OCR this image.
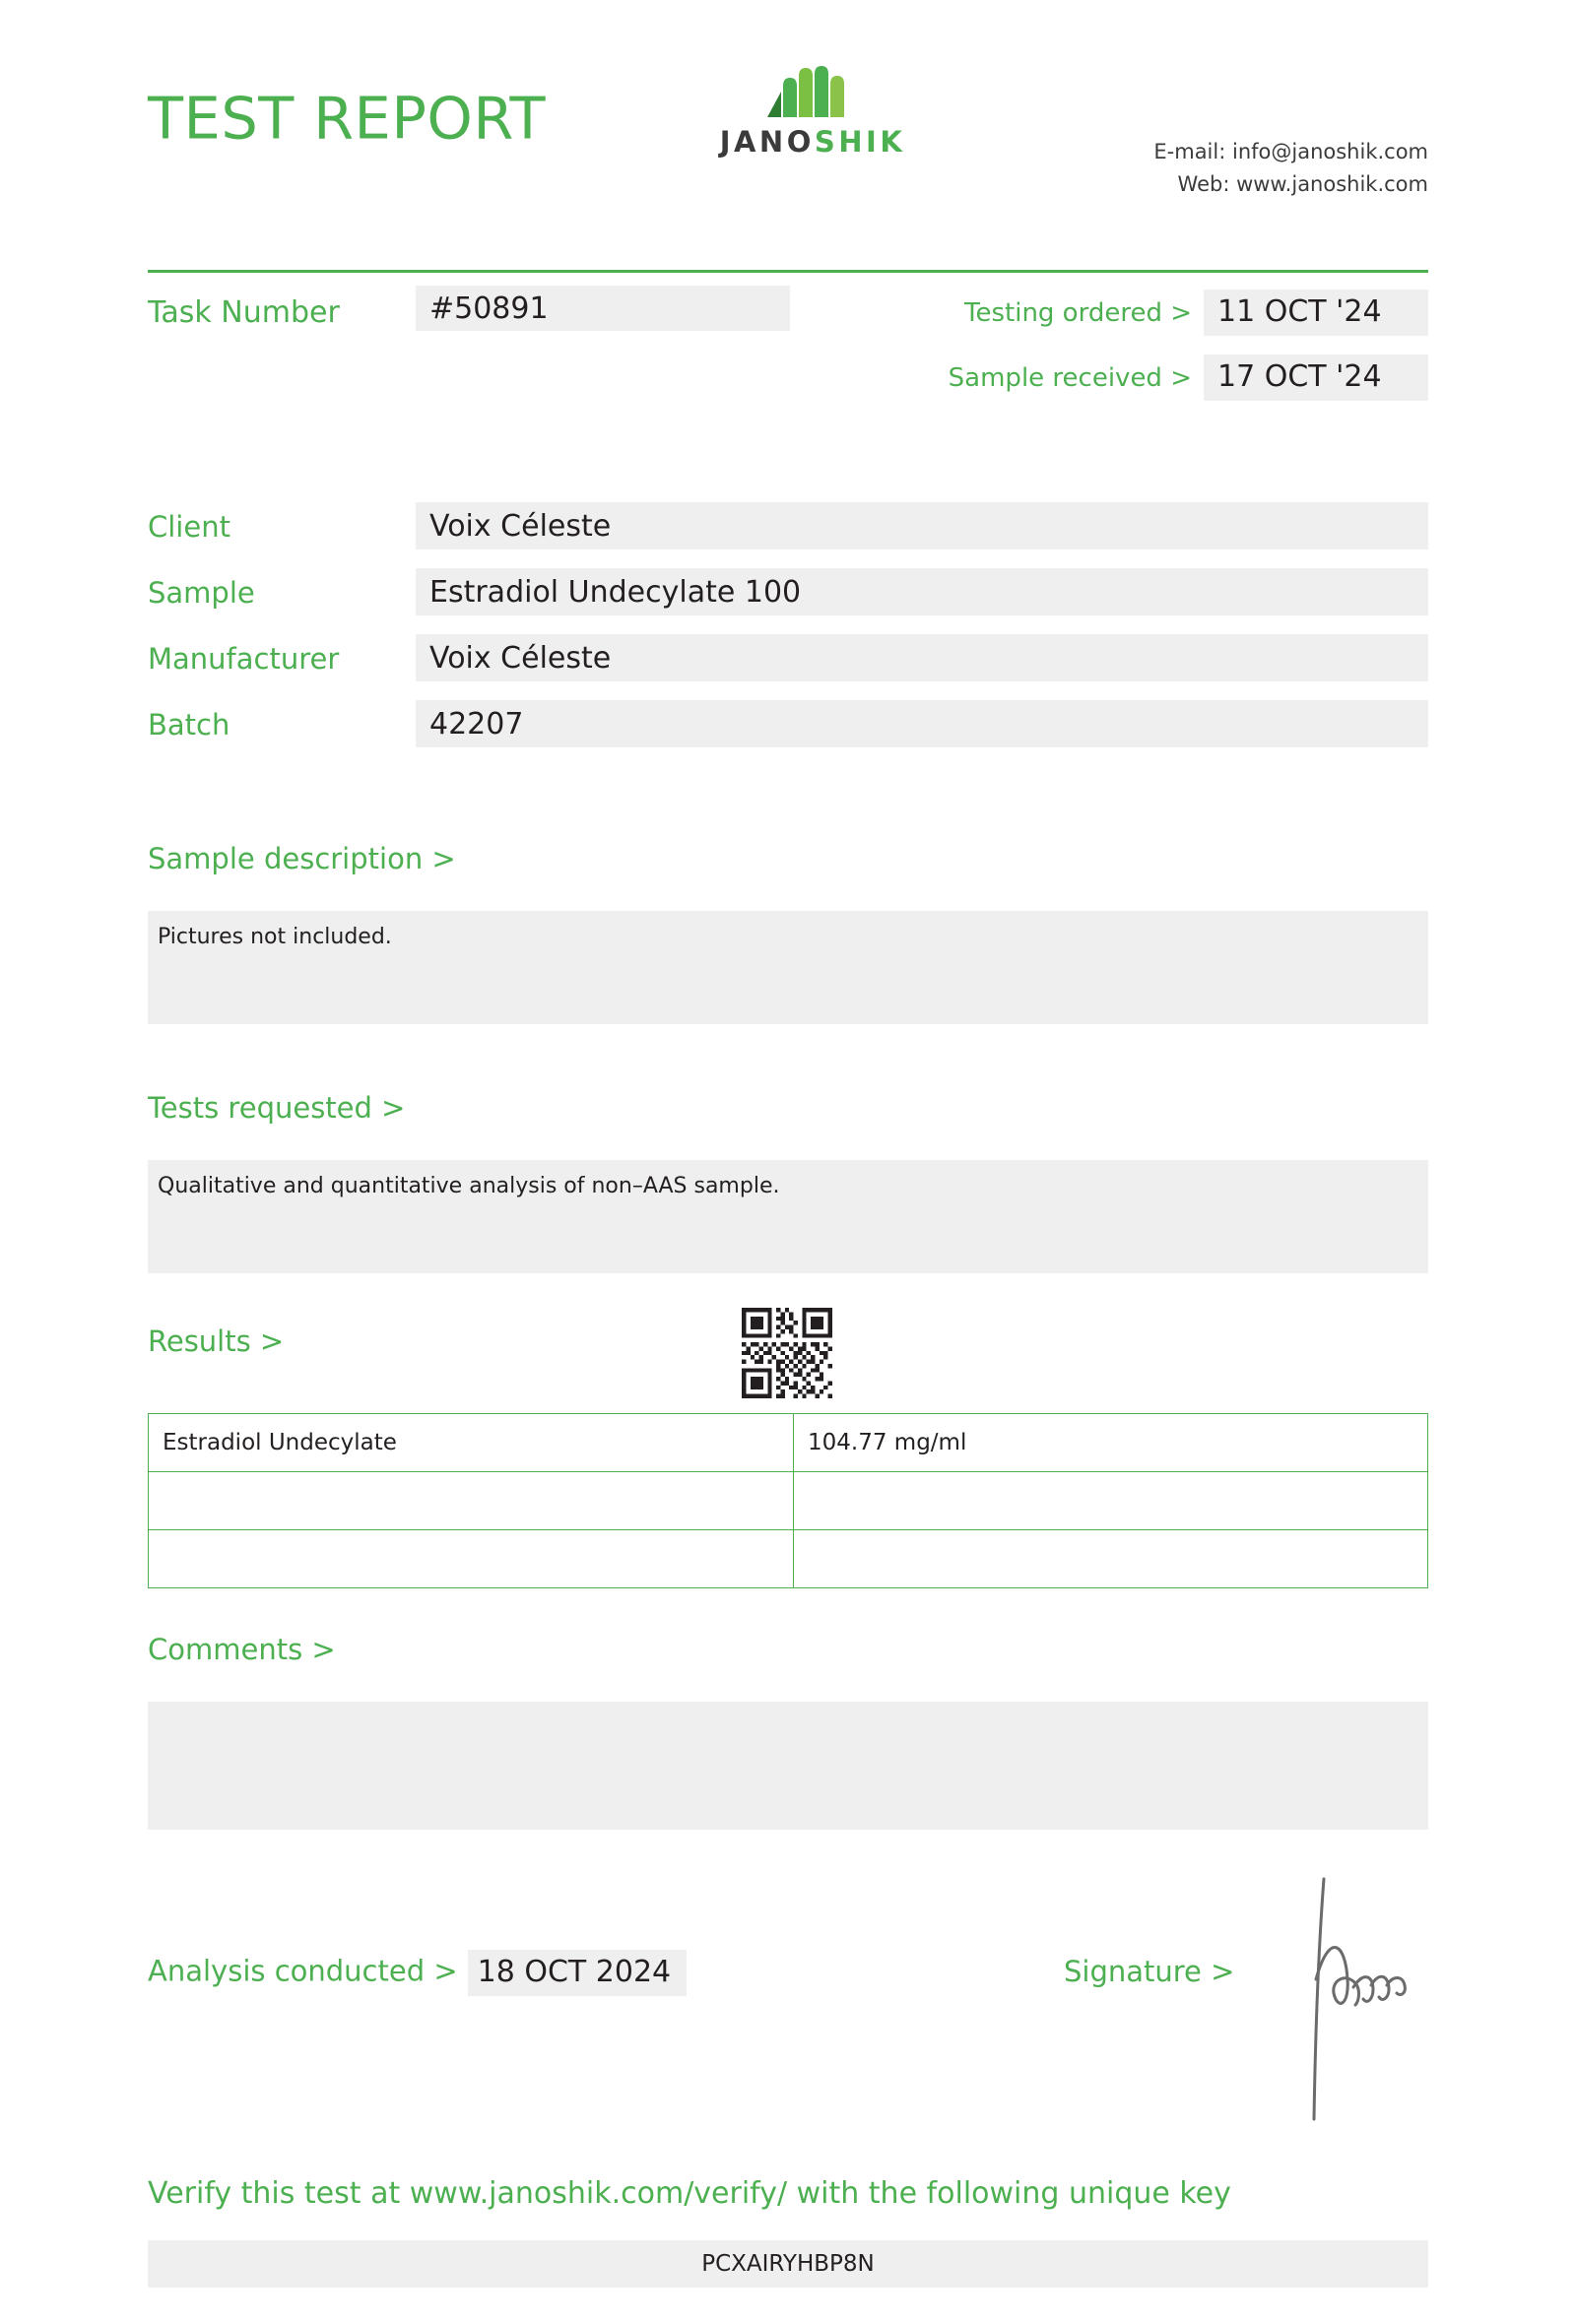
TEST REPORT	JANOSHIK	E-mail: info@janoshik.com
Web: www.janoshik.com
Task Number	#50891	Testing ordered > 11 OCT '24
Sample received > 17 OCT '24
Client	Voix Céleste
Sample	Estradiol Undecylate 100
Manufacturer	Voix Céleste
Batch	42207
Sample description >
Pictures not included.
Tests requested >
Qualitative and quantitative analysis of non–AAS sample.
Results >
Estradiol Undecylate	104.77 mg/ml

Comments >
Analysis conducted > 18 OCT 2024	Signature >
Verify this test at www.janoshik.com/verify/ with the following unique key
PCXAIRYHBP8N
